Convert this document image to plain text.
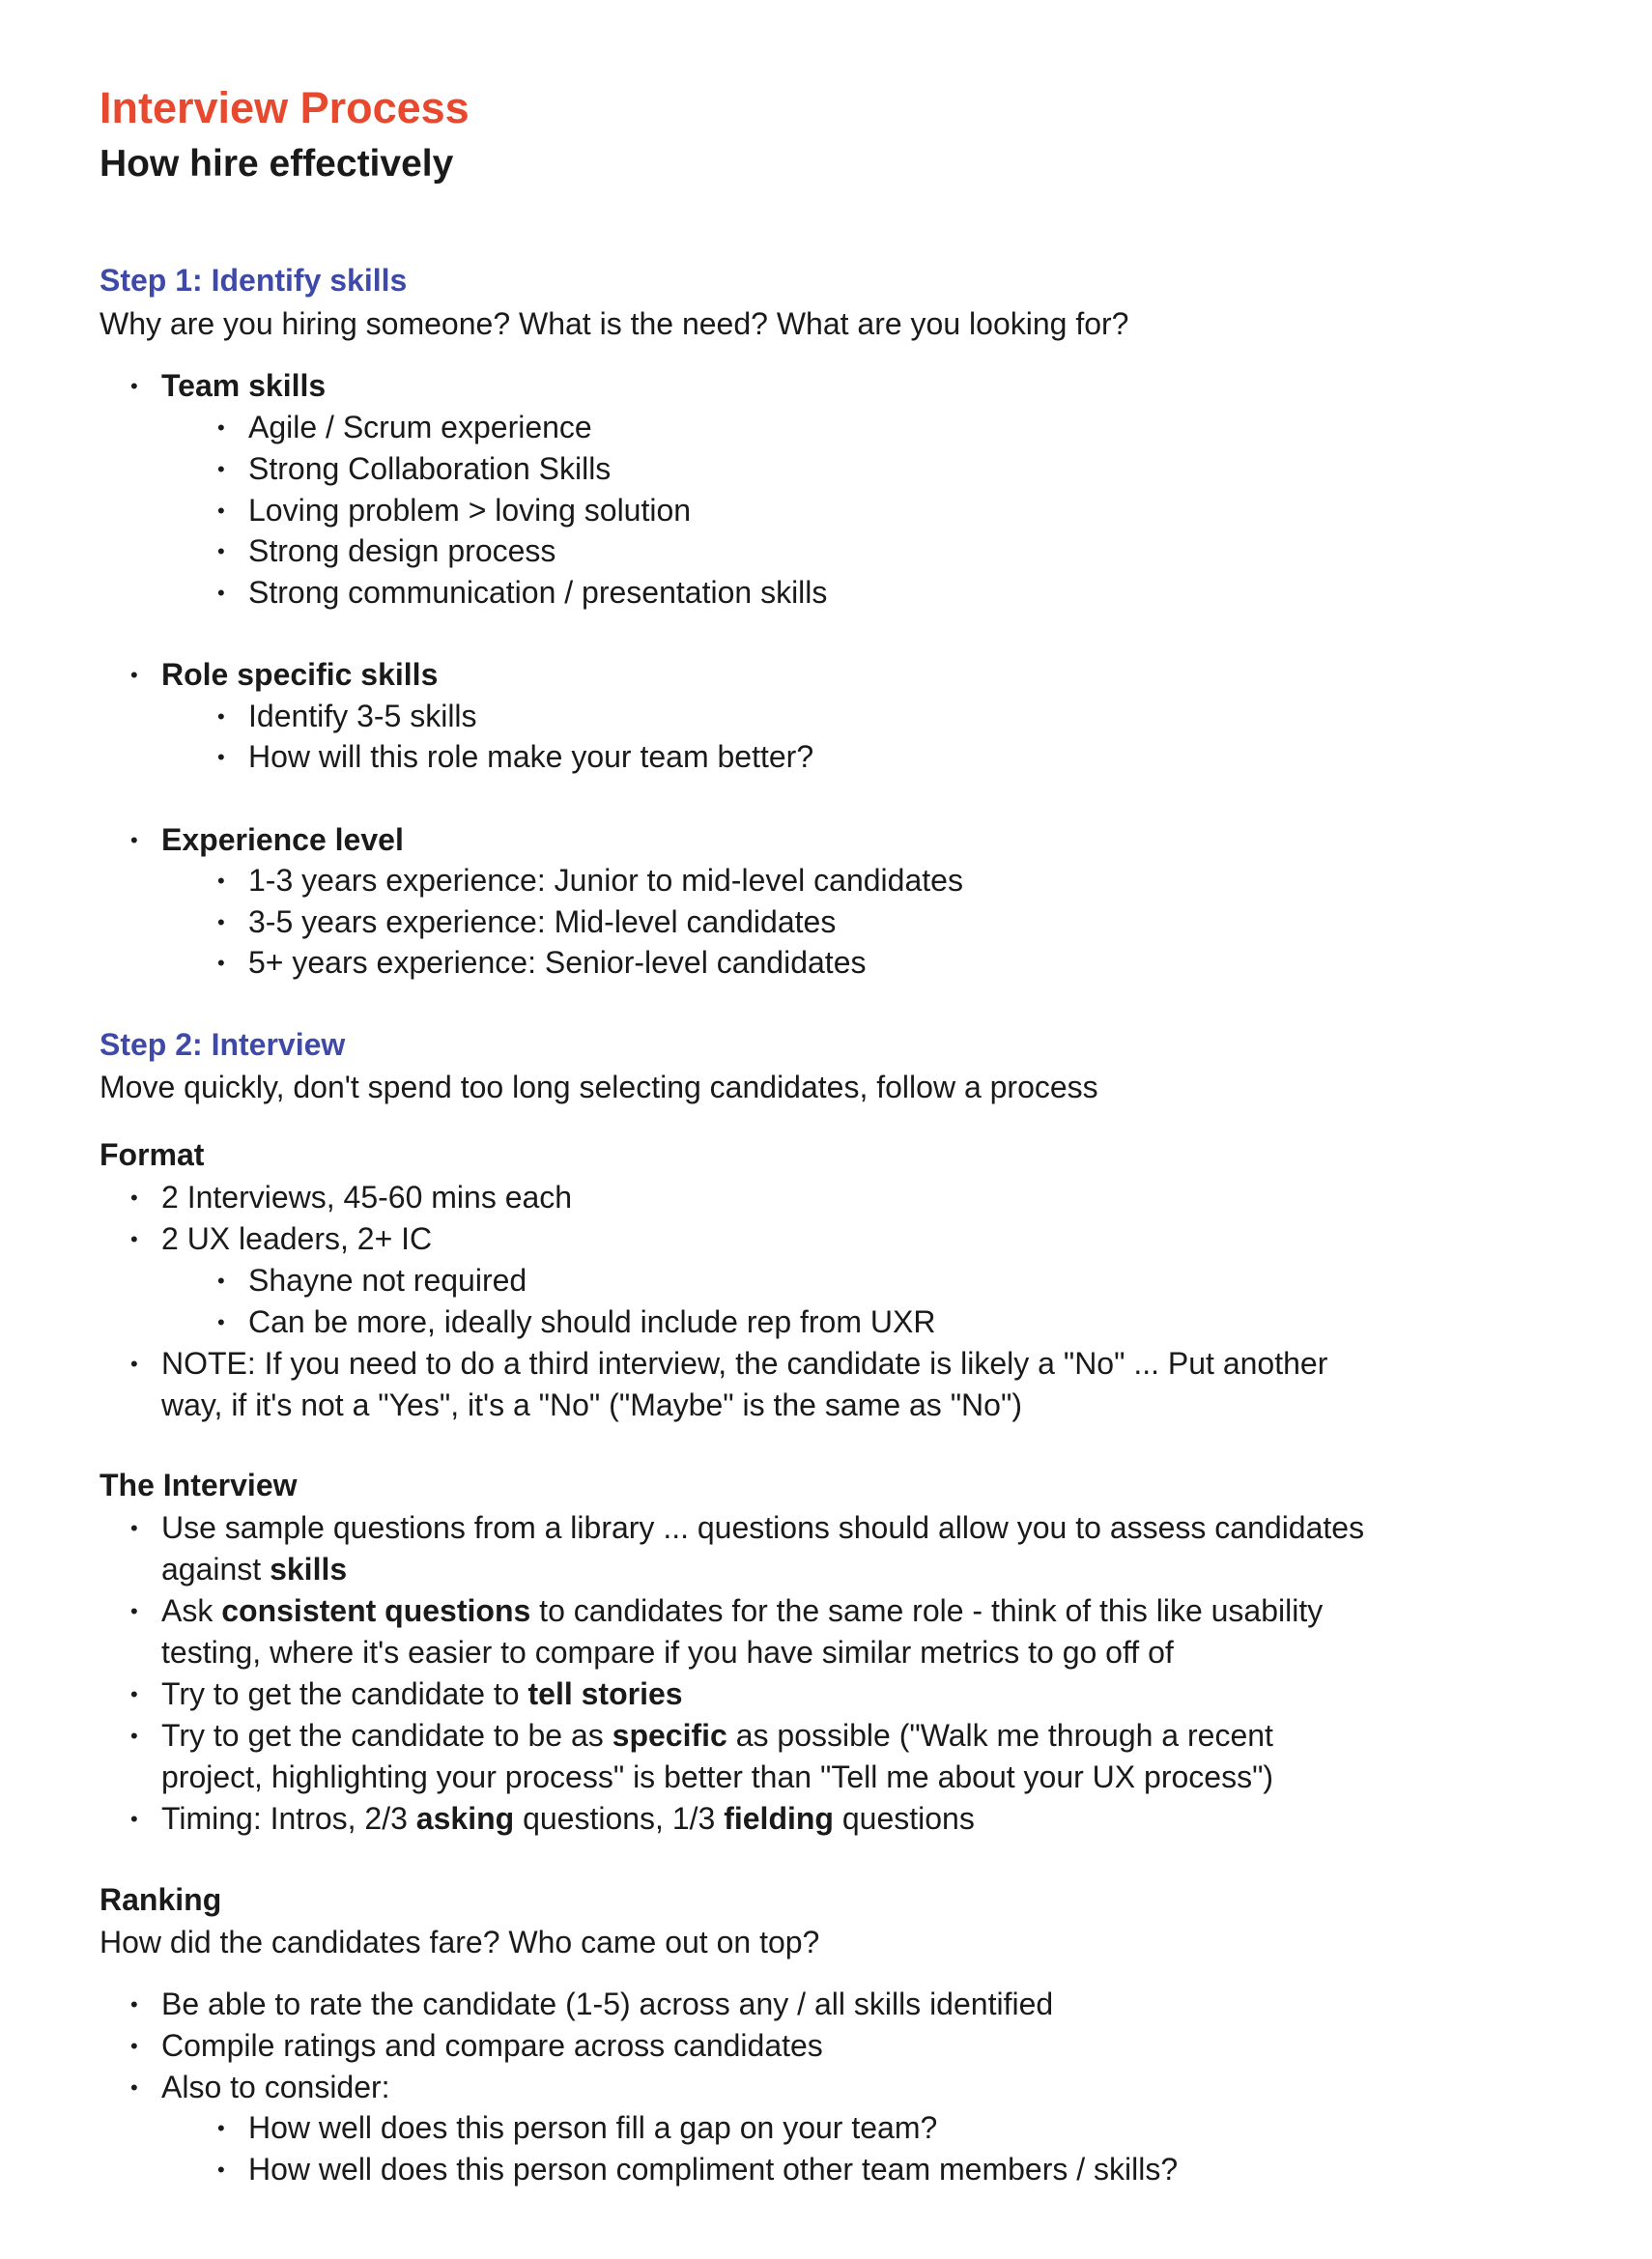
Interview Process
How hire effectively
Step 1: Identify skills
Why are you hiring someone? What is the need? What are you looking for?
• Team skills
• Agile / Scrum experience
• Strong Collaboration Skills
• Loving problem > loving solution
• Strong design process
• Strong communication / presentation skills
• Role specific skills
• Identify 3-5 skills
• How will this role make your team better?
• Experience level
• 1-3 years experience: Junior to mid-level candidates
• 3-5 years experience: Mid-level candidates
• 5+ years experience: Senior-level candidates
Step 2: Interview
Move quickly, don't spend too long selecting candidates, follow a process
Format
• 2 Interviews, 45-60 mins each
• 2 UX leaders, 2+ IC
• Shayne not required
• Can be more, ideally should include rep from UXR
• NOTE: If you need to do a third interview, the candidate is likely a "No" ... Put another
way, if it's not a "Yes", it's a "No" ("Maybe" is the same as "No")
The Interview
• Use sample questions from a library ... questions should allow you to assess candidates
against skills
• Ask consistent questions to candidates for the same role - think of this like usability
testing, where it's easier to compare if you have similar metrics to go off of
• Try to get the candidate to tell stories
• Try to get the candidate to be as specific as possible ("Walk me through a recent
project, highlighting your process" is better than "Tell me about your UX process")
• Timing: Intros, 2/3 asking questions, 1/3 fielding questions
Ranking
How did the candidates fare? Who came out on top?
• Be able to rate the candidate (1-5) across any / all skills identified
• Compile ratings and compare across candidates
• Also to consider:
• How well does this person fill a gap on your team?
• How well does this person compliment other team members / skills?
